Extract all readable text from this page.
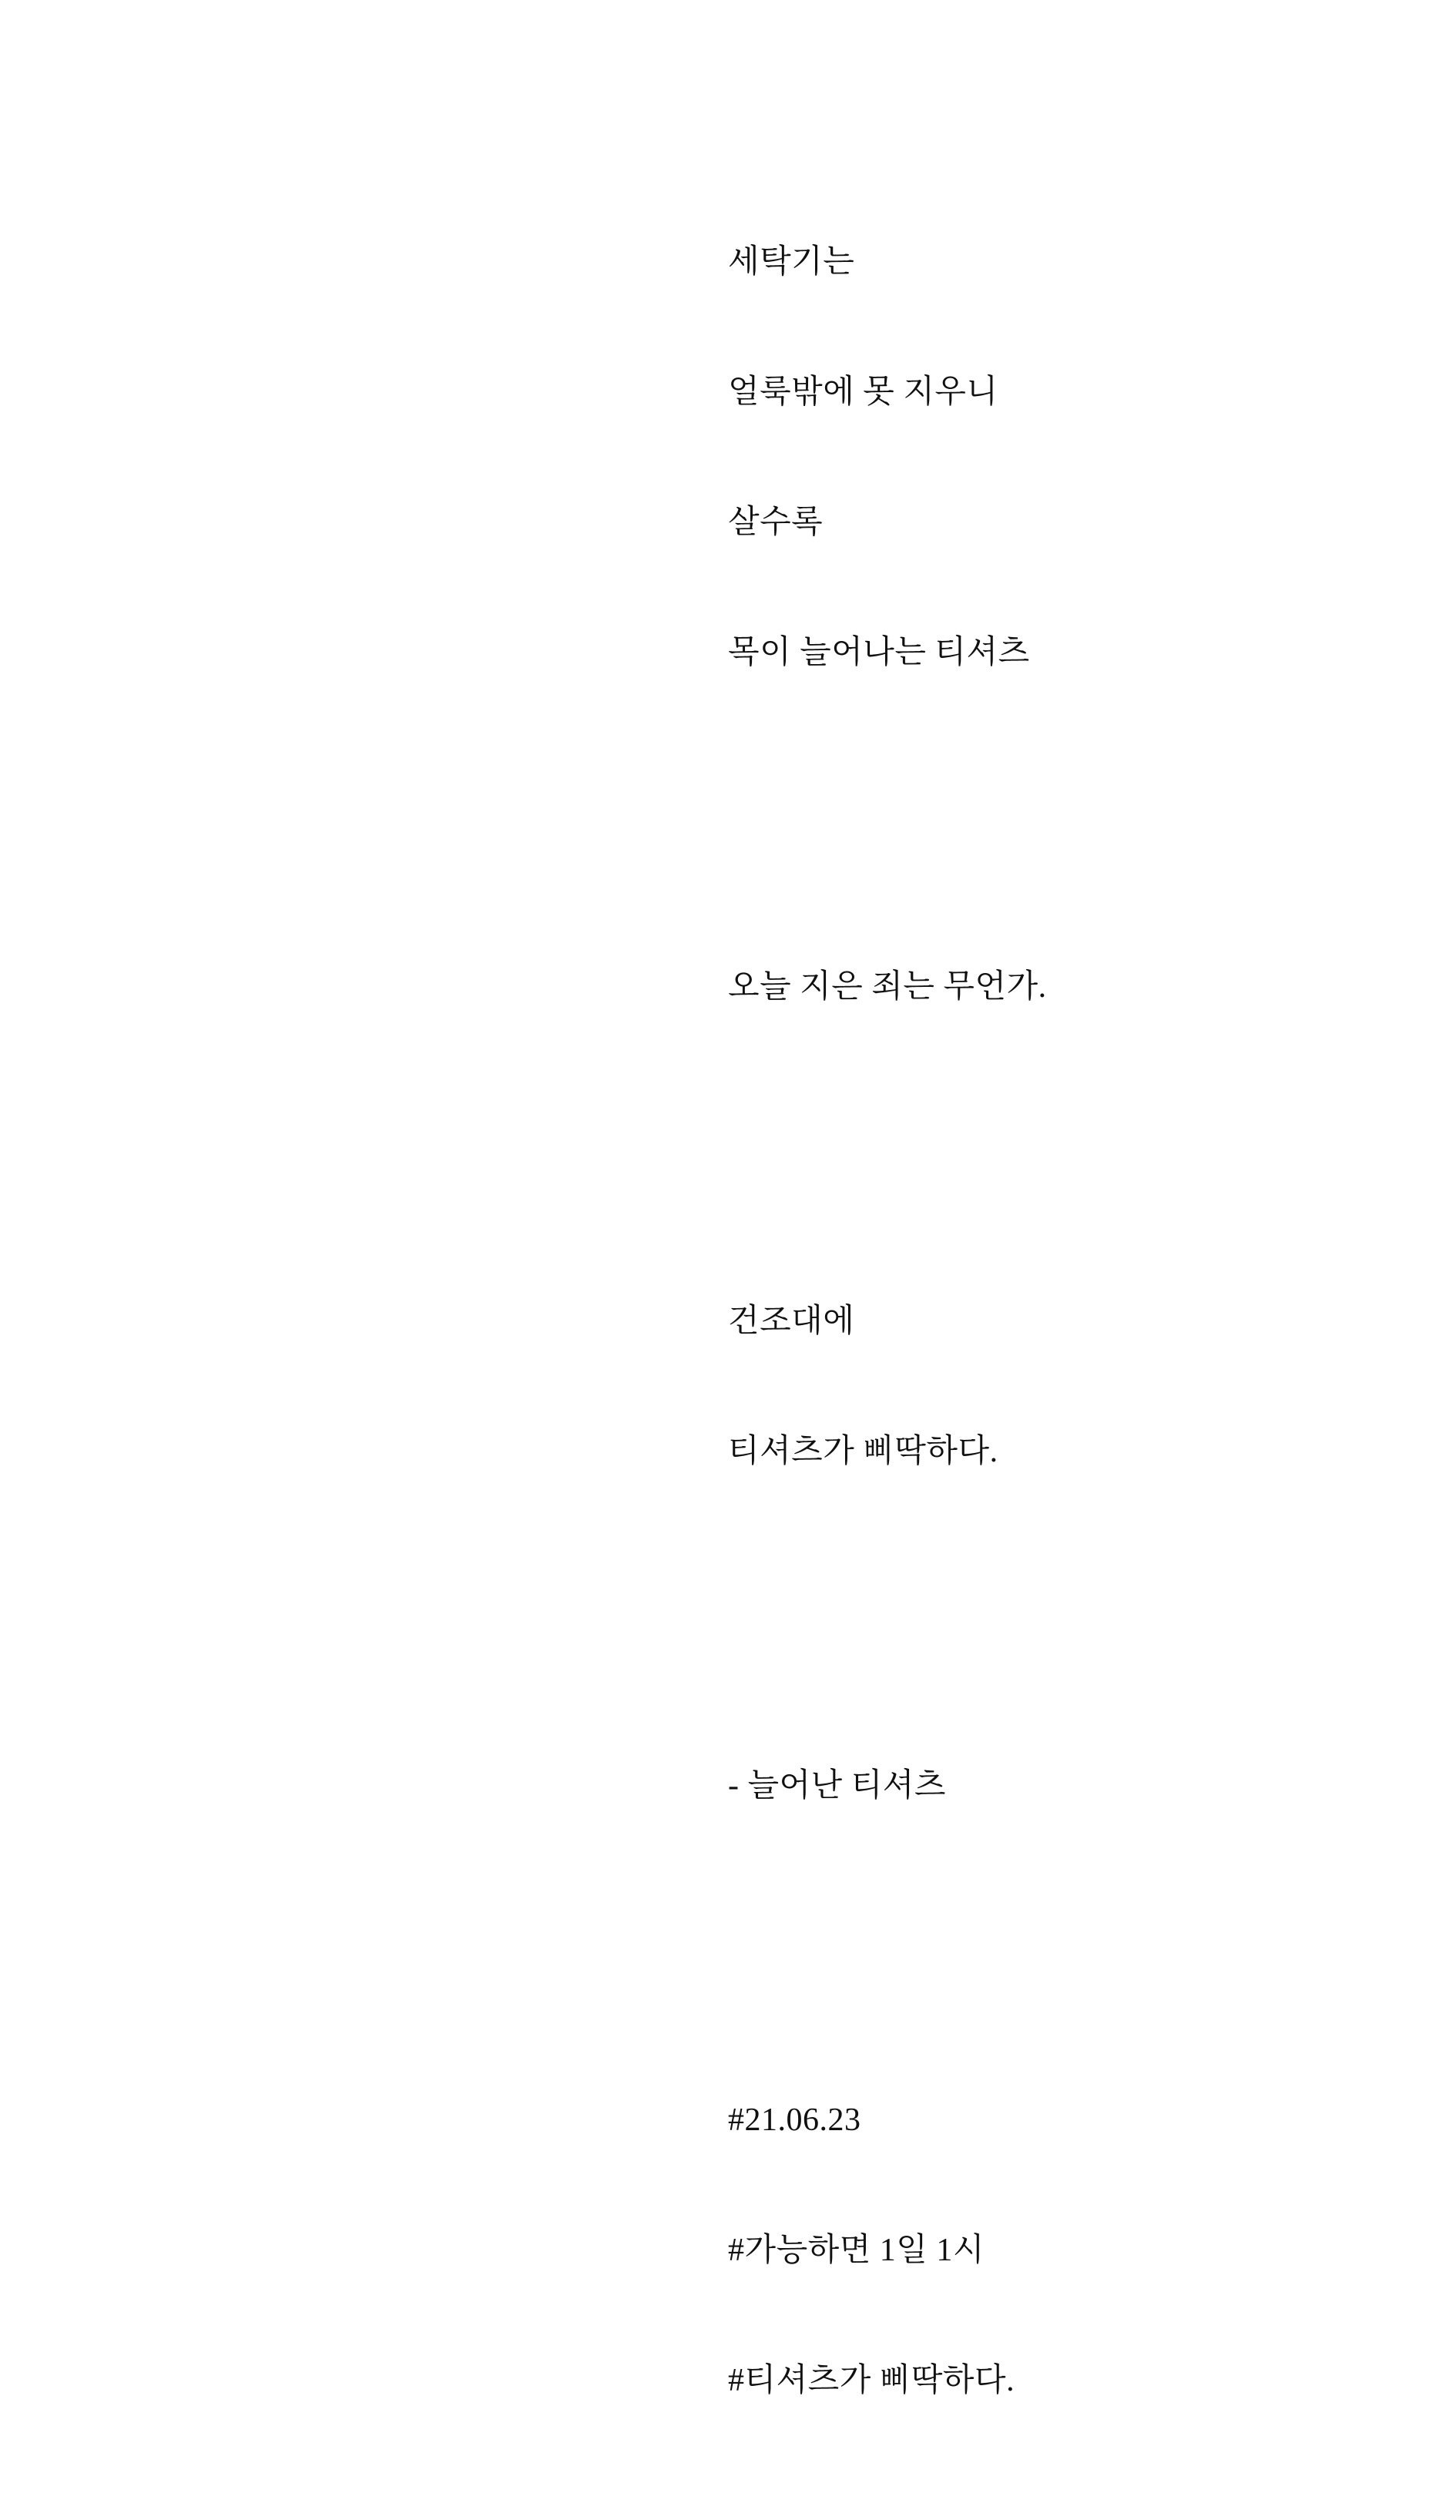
세탁기는

얼룩밖에 못 지우니

살수록

목이 늘어나는 티셔츠

오늘 지은 죄는 무언가.

건조대에

티셔츠가 삐딱하다.

- 늘어난 티셔츠

#21.06.23

#가능하면 1일 1시

#티셔츠가 삐딱하다.
